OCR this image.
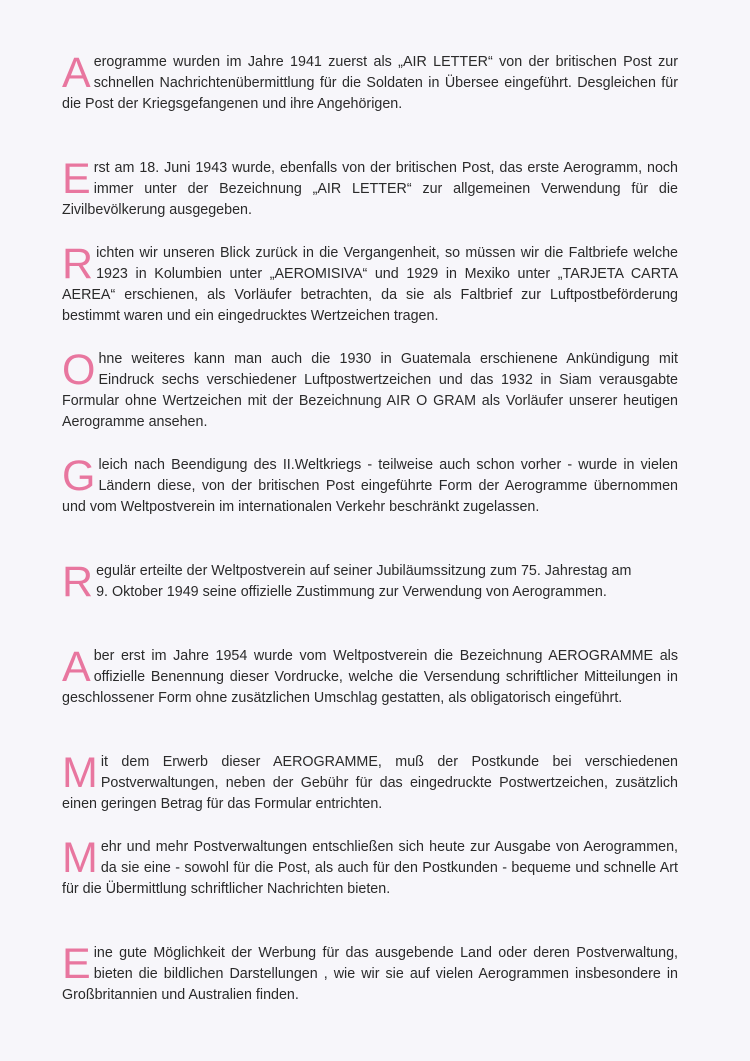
Aerogramme wurden im Jahre 1941 zuerst als „AIR LETTER“ von der britischen Post zur schnellen Nachrichtenübermittlung für die Soldaten in Übersee eingeführt. Desgleichen für die Post der Kriegsgefangenen und ihre Angehörigen.

Erst am 18. Juni 1943 wurde, ebenfalls von der britischen Post, das erste Aerogramm, noch immer unter der Bezeichnung „AIR LETTER“ zur allgemeinen Verwendung für die Zivilbevölkerung ausgegeben.

Richten wir unseren Blick zurück in die Vergangenheit, so müssen wir die Faltbriefe welche 1923 in Kolumbien unter „AEROMISIVA“ und 1929 in Mexiko unter „TARJETA CARTA AEREA“ erschienen, als Vorläufer betrachten, da sie als Faltbrief zur Luftpostbeförderung bestimmt waren und ein eingedrucktes Wertzeichen tragen.

Ohne weiteres kann man auch die 1930 in Guatemala erschienene Ankündigung mit Eindruck sechs verschiedener Luftpostwertzeichen und das 1932 in Siam verausgabte Formular ohne Wertzeichen mit der Bezeichnung AIR O GRAM als Vorläufer unserer heutigen Aerogramme ansehen.

Gleich nach Beendigung des II.Weltkriegs - teilweise auch schon vorher - wurde in vielen Ländern diese, von der britischen Post eingeführte Form der Aerogramme übernommen und vom Weltpostverein im internationalen Verkehr beschränkt zugelassen.

Regulär erteilte der Weltpostverein auf seiner Jubiläumssitzung zum 75. Jahrestag am
9. Oktober 1949 seine offizielle Zustimmung zur Verwendung von Aerogrammen.

Aber erst im Jahre 1954 wurde vom Weltpostverein die Bezeichnung AEROGRAMME als offizielle Benennung dieser Vordrucke, welche die Versendung schriftlicher Mitteilungen in geschlossener Form ohne zusätzlichen Umschlag gestatten, als obligatorisch eingeführt.

Mit dem Erwerb dieser AEROGRAMME, muß der Postkunde bei verschiedenen Postverwaltungen, neben der Gebühr für das eingedruckte Postwertzeichen, zusätzlich einen geringen Betrag für das Formular entrichten.

Mehr und mehr Postverwaltungen entschließen sich heute zur Ausgabe von Aerogrammen, da sie eine - sowohl für die Post, als auch für den Postkunden - bequeme und schnelle Art für die Übermittlung schriftlicher Nachrichten bieten.

Eine gute Möglichkeit der Werbung für das ausgebende Land oder deren Postverwaltung, bieten die bildlichen Darstellungen , wie wir sie auf vielen Aerogrammen insbesondere in Großbritannien und Australien finden.
